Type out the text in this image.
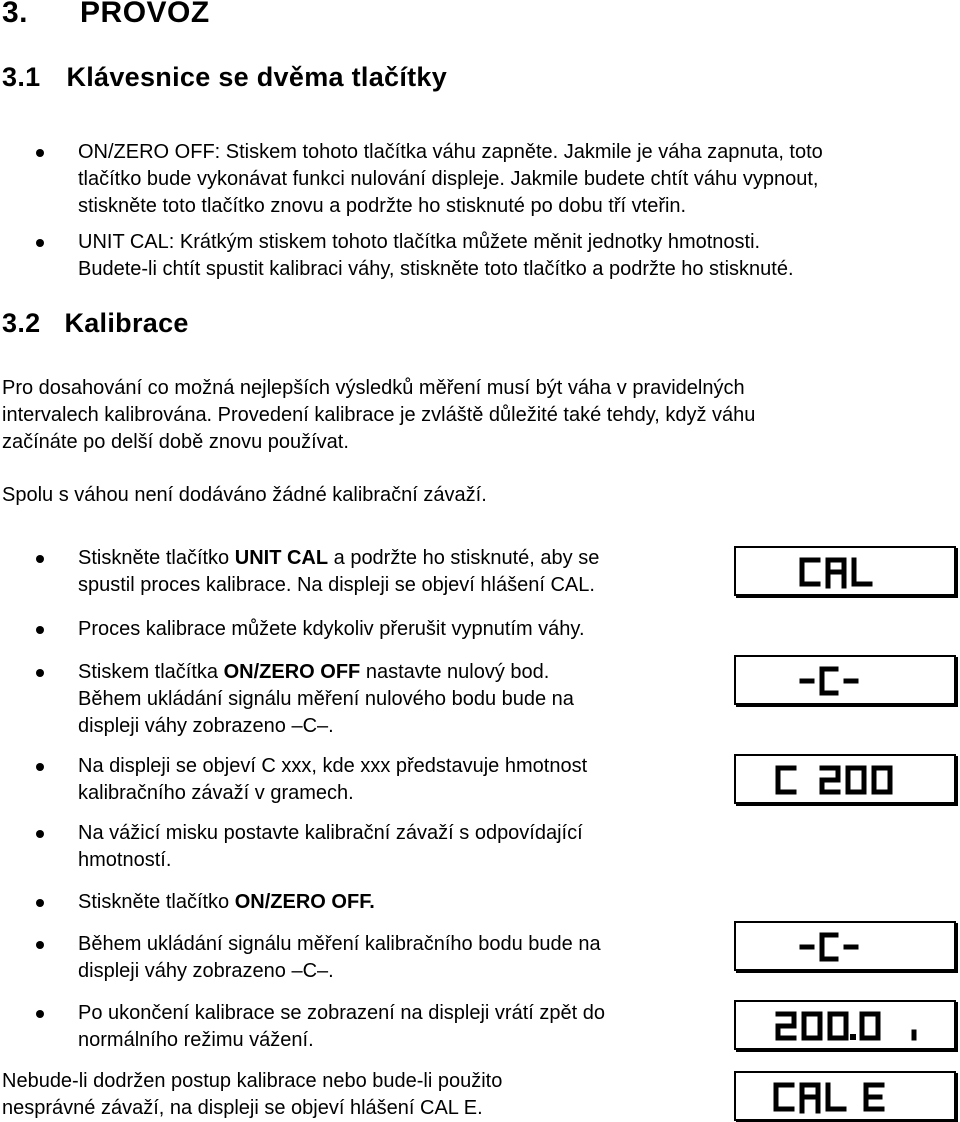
3. PROVOZ
3.1 Klávesnice se dvěma tlačítky
ON/ZERO OFF: Stiskem tohoto tlačítka váhu zapněte. Jakmile je váha zapnuta, toto
tlačítko bude vykonávat funkci nulování displeje. Jakmile budete chtít váhu vypnout,
stiskněte toto tlačítko znovu a podržte ho stisknuté po dobu tří vteřin.
UNIT CAL: Krátkým stiskem tohoto tlačítka můžete měnit jednotky hmotnosti.
Budete-li chtít spustit kalibraci váhy, stiskněte toto tlačítko a podržte ho stisknuté.
3.2 Kalibrace
Pro dosahování co možná nejlepších výsledků měření musí být váha v pravidelných
intervalech kalibrována. Provedení kalibrace je zvláště důležité také tehdy, když váhu
začínáte po delší době znovu používat.
Spolu s váhou není dodáváno žádné kalibrační závaží.
Stiskněte tlačítko UNIT CAL a podržte ho stisknuté, aby se
spustil proces kalibrace. Na displeji se objeví hlášení CAL.
Proces kalibrace můžete kdykoliv přerušit vypnutím váhy.
Stiskem tlačítka ON/ZERO OFF nastavte nulový bod.
Během ukládání signálu měření nulového bodu bude na
displeji váhy zobrazeno –C–.
Na displeji se objeví C xxx, kde xxx představuje hmotnost
kalibračního závaží v gramech.
Na vážicí misku postavte kalibrační závaží s odpovídající
hmotností.
Stiskněte tlačítko ON/ZERO OFF.
Během ukládání signálu měření kalibračního bodu bude na
displeji váhy zobrazeno –C–.
Po ukončení kalibrace se zobrazení na displeji vrátí zpět do
normálního režimu vážení.
Nebude-li dodržen postup kalibrace nebo bude-li použito
nesprávné závaží, na displeji se objeví hlášení CAL E.
